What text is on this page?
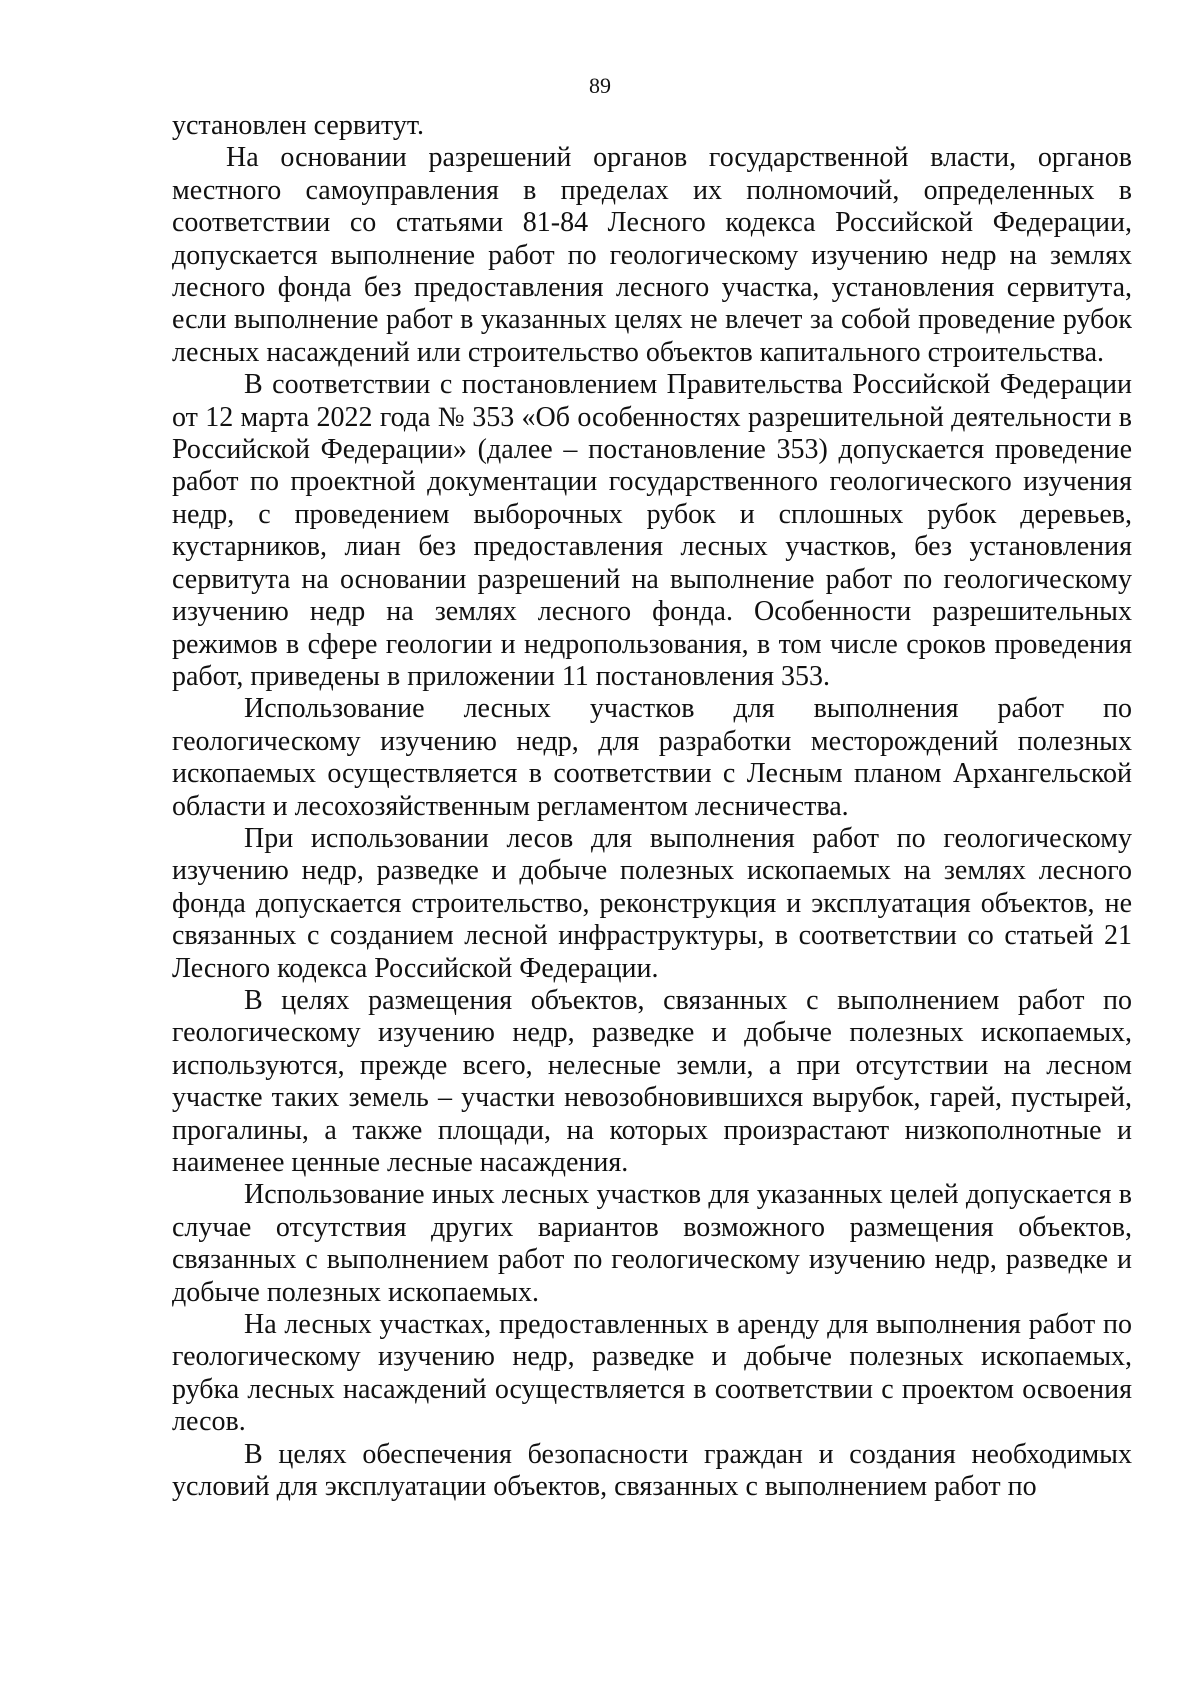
89

установлен сервитут.

На основании разрешений органов государственной власти, органов местного самоуправления в пределах их полномочий, определенных в соответствии со статьями 81-84 Лесного кодекса Российской Федерации, допускается выполнение работ по геологическому изучению недр на землях лесного фонда без предоставления лесного участка, установления сервитута, если выполнение работ в указанных целях не влечет за собой проведение рубок лесных насаждений или строительство объектов капитального строительства.

В соответствии с постановлением Правительства Российской Федерации от 12 марта 2022 года № 353 «Об особенностях разрешительной деятельности в Российской Федерации» (далее – постановление 353) допускается проведение работ по проектной документации государственного геологического изучения недр, с проведением выборочных рубок и сплошных рубок деревьев, кустарников, лиан без предоставления лесных участков, без установления сервитута на основании разрешений на выполнение работ по геологическому изучению недр на землях лесного фонда. Особенности разрешительных режимов в сфере геологии и недропользования, в том числе сроков проведения работ, приведены в приложении 11 постановления 353.

Использование лесных участков для выполнения работ по геологическому изучению недр, для разработки месторождений полезных ископаемых осуществляется в соответствии с Лесным планом Архангельской области и лесохозяйственным регламентом лесничества.

При использовании лесов для выполнения работ по геологическому изучению недр, разведке и добыче полезных ископаемых на землях лесного фонда допускается строительство, реконструкция и эксплуатация объектов, не связанных с созданием лесной инфраструктуры, в соответствии со статьей 21 Лесного кодекса Российской Федерации.

В целях размещения объектов, связанных с выполнением работ по геологическому изучению недр, разведке и добыче полезных ископаемых, используются, прежде всего, нелесные земли, а при отсутствии на лесном участке таких земель – участки невозобновившихся вырубок, гарей, пустырей, прогалины, а также площади, на которых произрастают низкополнотные и наименее ценные лесные насаждения.

Использование иных лесных участков для указанных целей допускается в случае отсутствия других вариантов возможного размещения объектов, связанных с выполнением работ по геологическому изучению недр, разведке и добыче полезных ископаемых.

На лесных участках, предоставленных в аренду для выполнения работ по геологическому изучению недр, разведке и добыче полезных ископаемых, рубка лесных насаждений осуществляется в соответствии с проектом освоения лесов.

В целях обеспечения безопасности граждан и создания необходимых условий для эксплуатации объектов, связанных с выполнением работ по
